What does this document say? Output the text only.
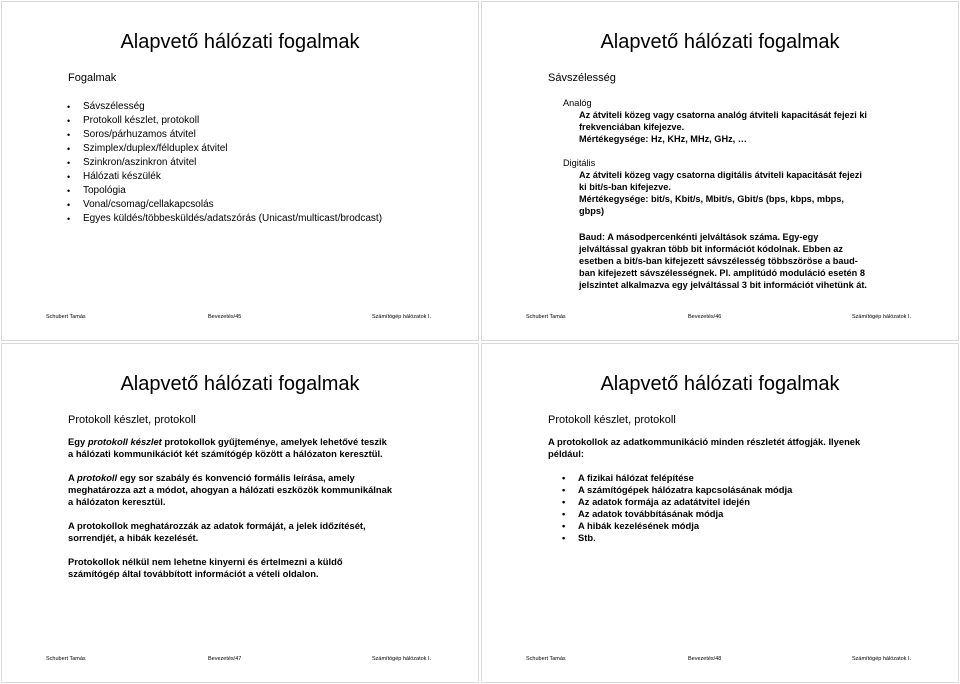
Alapvető hálózati fogalmak
Fogalmak
• Sávszélesség
• Protokoll készlet, protokoll
• Soros/párhuzamos átvitel
• Szimplex/duplex/félduplex átvitel
• Szinkron/aszinkron átvitel
• Hálózati készülék
• Topológia
• Vonal/csomag/cellakapcsolás
• Egyes küldés/többesküldés/adatszórás (Unicast/multicast/brodcast)
Schubert Tamás	Bevezetés/45	Számítógép hálózatok I.
Alapvető hálózati fogalmak
Sávszélesség
Analóg
Az átviteli közeg vagy csatorna analóg átviteli kapacitását fejezi ki
frekvenciában kifejezve.
Mértékegysége: Hz, KHz, MHz, GHz, …
Digitális
Az átviteli közeg vagy csatorna digitális átviteli kapacitását fejezi
ki bit/s-ban kifejezve.
Mértékegysége: bit/s, Kbit/s, Mbit/s, Gbit/s (bps, kbps, mbps,
gbps)
Baud: A másodpercenkénti jelváltások száma. Egy-egy
jelváltással gyakran több bit információt kódolnak. Ebben az
esetben a bit/s-ban kifejezett sávszélesség többszöröse a baud-
ban kifejezett sávszélességnek. Pl. amplitúdó moduláció esetén 8
jelszintet alkalmazva egy jelváltással 3 bit információt vihetünk át.
Schubert Tamás	Bevezetés/46	Számítógép hálózatok I.
Alapvető hálózati fogalmak
Protokoll készlet, protokoll

Egy protokoll készlet protokollok gyűjteménye, amelyek lehetővé teszik
a hálózati kommunikációt két számítógép között a hálózaton keresztül.

A protokoll egy sor szabály és konvenció formális leírása, amely
meghatározza azt a módot, ahogyan a hálózati eszközök kommunikálnak
a hálózaton keresztül.

A protokollok meghatározzák az adatok formáját, a jelek időzítését,
sorrendjét, a hibák kezelését.

Protokollok nélkül nem lehetne kinyerni és értelmezni a küldő
számítógép által továbbított információt a vételi oldalon.

Schubert Tamás	Bevezetés/47	Számítógép hálózatok I.
Alapvető hálózati fogalmak
Protokoll készlet, protokoll
A protokollok az adatkommunikáció minden részletét átfogják. Ilyenek
például:
• A fizikai hálózat felépítése
• A számítógépek hálózatra kapcsolásának módja
• Az adatok formája az adatátvitel idején
• Az adatok továbbításának módja
• A hibák kezelésének módja
• Stb.
Schubert Tamás	Bevezetés/48	Számítógép hálózatok I.
